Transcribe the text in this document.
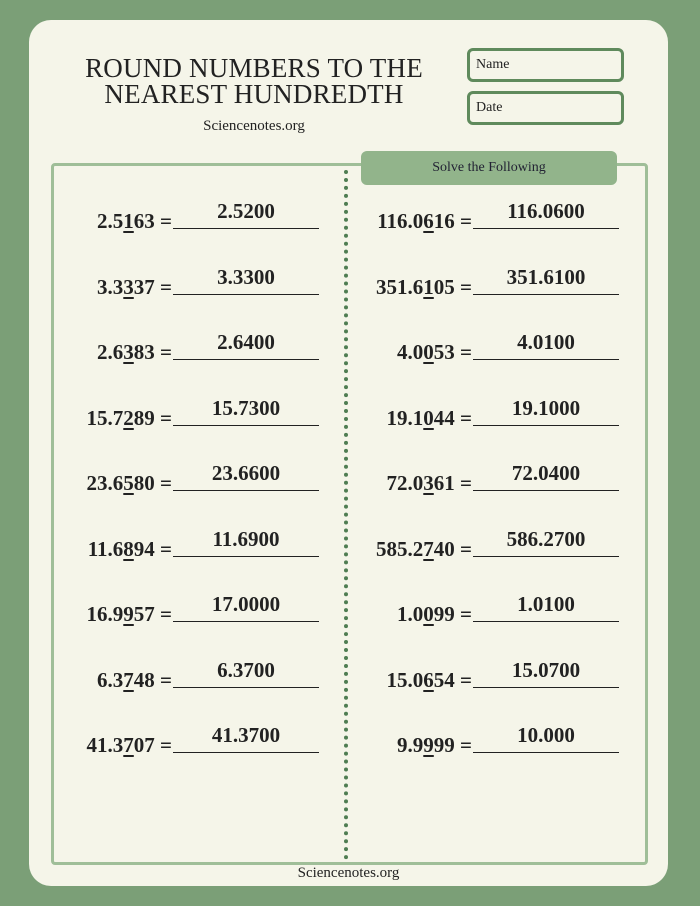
ROUND NUMBERS TO THE
NEAREST HUNDREDTH
Sciencenotes.org
Name
Date
Solve the Following
2.5163 =	2.5200
3.3337 =	3.3300
2.6383 =	2.6400
15.7289 =	15.7300
23.6580 =	23.6600
11.6894 =	11.6900
16.9957 =	17.0000
6.3748 =	6.3700
41.3707 =	41.3700
116.0616 =	116.0600
351.6105 =	351.6100
4.0053 =	4.0100
19.1044 =	19.1000
72.0361 =	72.0400
585.2740 =	586.2700
1.0099 =	1.0100
15.0654 =	15.0700
9.9999 =	10.000
Sciencenotes.org
